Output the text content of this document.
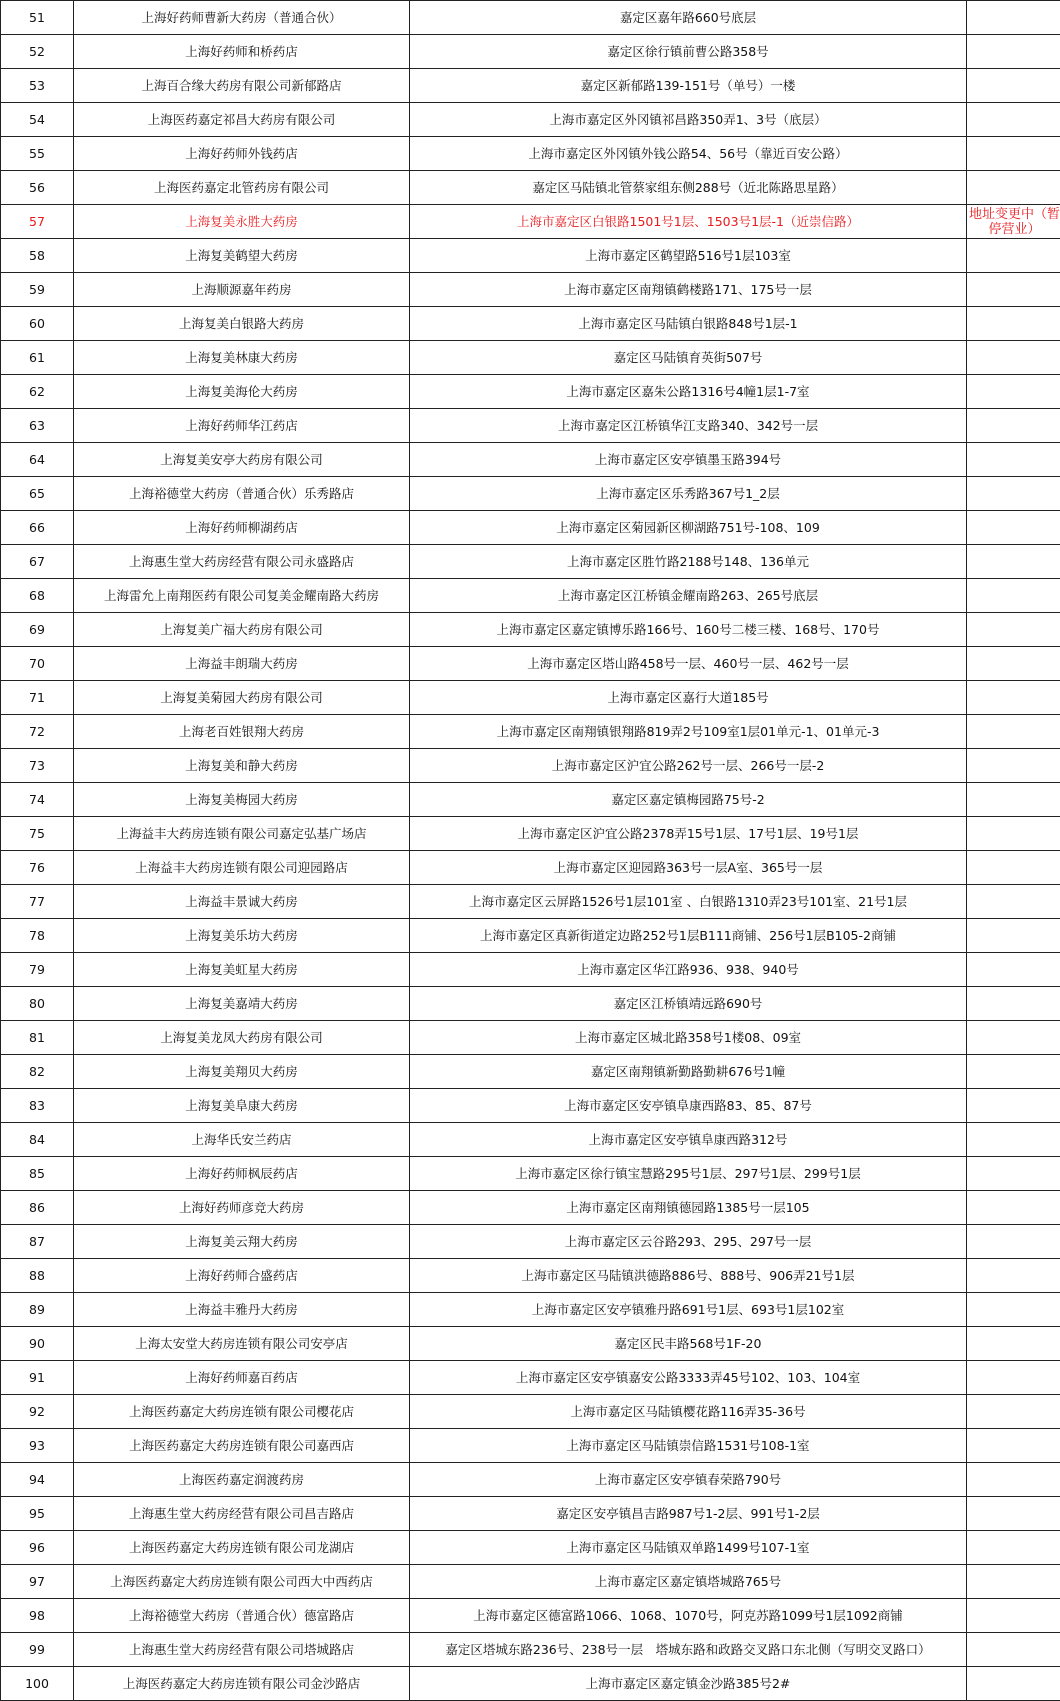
51	上海好药师曹新大药房（普通合伙）	嘉定区嘉年路660号底层	
52	上海好药师和桥药店	嘉定区徐行镇前曹公路358号	
53	上海百合缘大药房有限公司新郁路店	嘉定区新郁路139-151号（单号）一楼	
54	上海医药嘉定祁昌大药房有限公司	上海市嘉定区外冈镇祁昌路350弄1、3号（底层）	
55	上海好药师外钱药店	上海市嘉定区外冈镇外钱公路54、56号（靠近百安公路）	
56	上海医药嘉定北管药房有限公司	嘉定区马陆镇北管蔡家组东侧288号（近北陈路思星路）	
57	上海复美永胜大药房	上海市嘉定区白银路1501号1层、1503号1层-1（近崇信路）	地址变更中（暂停营业）
58	上海复美鹤望大药房	上海市嘉定区鹤望路516号1层103室	
59	上海顺源嘉年药房	上海市嘉定区南翔镇鹤楼路171、175号一层	
60	上海复美白银路大药房	上海市嘉定区马陆镇白银路848号1层-1	
61	上海复美林康大药房	嘉定区马陆镇育英街507号	
62	上海复美海伦大药房	上海市嘉定区嘉朱公路1316号4幢1层1-7室	
63	上海好药师华江药店	上海市嘉定区江桥镇华江支路340、342号一层	
64	上海复美安亭大药房有限公司	上海市嘉定区安亭镇墨玉路394号	
65	上海裕德堂大药房（普通合伙）乐秀路店	上海市嘉定区乐秀路367号1_2层	
66	上海好药师柳湖药店	上海市嘉定区菊园新区柳湖路751号-108、109	
67	上海惠生堂大药房经营有限公司永盛路店	上海市嘉定区胜竹路2188号148、136单元	
68	上海雷允上南翔医药有限公司复美金耀南路大药房	上海市嘉定区江桥镇金耀南路263、265号底层	
69	上海复美广福大药房有限公司	上海市嘉定区嘉定镇博乐路166号、160号二楼三楼、168号、170号	
70	上海益丰朗瑞大药房	上海市嘉定区塔山路458号一层、460号一层、462号一层	
71	上海复美菊园大药房有限公司	上海市嘉定区嘉行大道185号	
72	上海老百姓银翔大药房	上海市嘉定区南翔镇银翔路819弄2号109室1层01单元-1、01单元-3	
73	上海复美和静大药房	上海市嘉定区沪宜公路262号一层、266号一层-2	
74	上海复美梅园大药房	嘉定区嘉定镇梅园路75号-2	
75	上海益丰大药房连锁有限公司嘉定弘基广场店	上海市嘉定区沪宜公路2378弄15号1层、17号1层、19号1层	
76	上海益丰大药房连锁有限公司迎园路店	上海市嘉定区迎园路363号一层A室、365号一层	
77	上海益丰景诚大药房	上海市嘉定区云屏路1526号1层101室 、白银路1310弄23号101室、21号1层	
78	上海复美乐坊大药房	上海市嘉定区真新街道定边路252号1层B111商铺、256号1层B105-2商铺	
79	上海复美虹星大药房	上海市嘉定区华江路936、938、940号	
80	上海复美嘉靖大药房	嘉定区江桥镇靖远路690号	
81	上海复美龙凤大药房有限公司	上海市嘉定区城北路358号1楼08、09室	
82	上海复美翔贝大药房	嘉定区南翔镇新勤路勤耕676号1幢	
83	上海复美阜康大药房	上海市嘉定区安亭镇阜康西路83、85、87号	
84	上海华氏安兰药店	上海市嘉定区安亭镇阜康西路312号	
85	上海好药师枫辰药店	上海市嘉定区徐行镇宝慧路295号1层、297号1层、299号1层	
86	上海好药师彦竞大药房	上海市嘉定区南翔镇德园路1385号一层105	
87	上海复美云翔大药房	上海市嘉定区云谷路293、295、297号一层	
88	上海好药师合盛药店	上海市嘉定区马陆镇洪德路886号、888号、906弄21号1层	
89	上海益丰雅丹大药房	上海市嘉定区安亭镇雅丹路691号1层、693号1层102室	
90	上海太安堂大药房连锁有限公司安亭店	嘉定区民丰路568号1F-20	
91	上海好药师嘉百药店	上海市嘉定区安亭镇嘉安公路3333弄45号102、103、104室	
92	上海医药嘉定大药房连锁有限公司樱花店	上海市嘉定区马陆镇樱花路116弄35-36号	
93	上海医药嘉定大药房连锁有限公司嘉西店	上海市嘉定区马陆镇崇信路1531号108-1室	
94	上海医药嘉定润渡药房	上海市嘉定区安亭镇春荣路790号	
95	上海惠生堂大药房经营有限公司昌吉路店	嘉定区安亭镇昌吉路987号1-2层、991号1-2层	
96	上海医药嘉定大药房连锁有限公司龙湖店	上海市嘉定区马陆镇双单路1499号107-1室	
97	上海医药嘉定大药房连锁有限公司西大中西药店	上海市嘉定区嘉定镇塔城路765号	
98	上海裕德堂大药房（普通合伙）德富路店	上海市嘉定区德富路1066、1068、1070号，阿克苏路1099号1层1092商铺	
99	上海惠生堂大药房经营有限公司塔城路店	嘉定区塔城东路236号、238号一层　塔城东路和政路交叉路口东北侧（写明交叉路口）	
100	上海医药嘉定大药房连锁有限公司金沙路店	上海市嘉定区嘉定镇金沙路385号2#	
